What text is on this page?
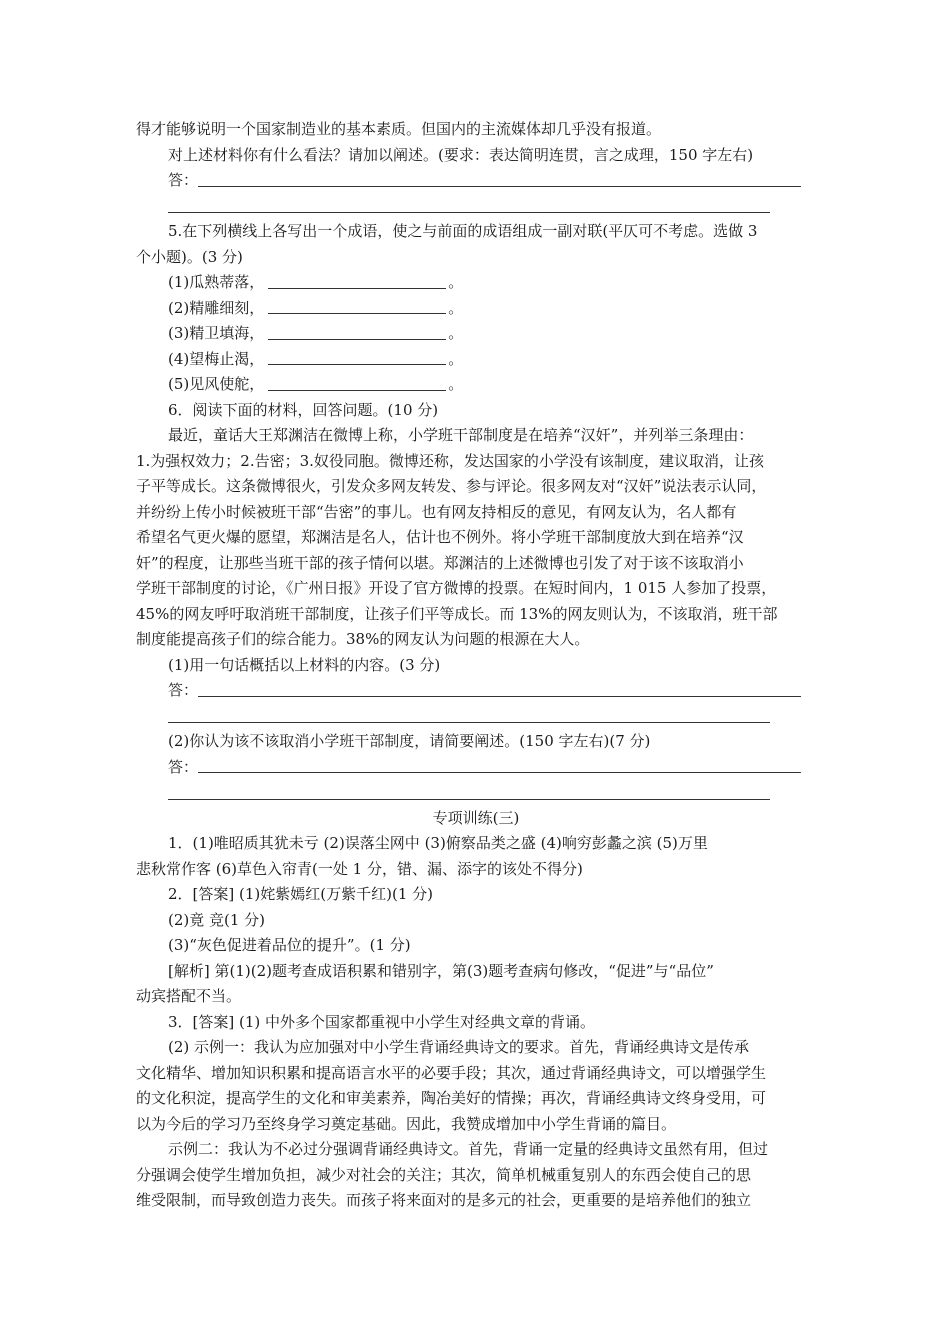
得才能够说明一个国家制造业的基本素质。但国内的主流媒体却几乎没有报道。
对上述材料你有什么看法？请加以阐述。(要求：表达简明连贯，言之成理，150 字左右)
答：
5.在下列横线上各写出一个成语，使之与前面的成语组成一副对联(平仄可不考虑。选做 3
个小题)。(3 分)
(1)瓜熟蒂落，	。
(2)精雕细刻，	。
(3)精卫填海，	。
(4)望梅止渴，	。
(5)见风使舵，	。
6．阅读下面的材料，回答问题。(10 分)
最近，童话大王郑渊洁在微博上称，小学班干部制度是在培养“汉奸”，并列举三条理由：
1.为强权效力；2.告密；3.奴役同胞。微博还称，发达国家的小学没有该制度，建议取消，让孩
子平等成长。这条微博很火，引发众多网友转发、参与评论。很多网友对“汉奸”说法表示认同，
并纷纷上传小时候被班干部“告密”的事儿。也有网友持相反的意见，有网友认为，名人都有
希望名气更火爆的愿望，郑渊洁是名人，估计也不例外。将小学班干部制度放大到在培养“汉
奸”的程度，让那些当班干部的孩子情何以堪。郑渊洁的上述微博也引发了对于该不该取消小
学班干部制度的讨论，《广州日报》开设了官方微博的投票。在短时间内，1 015 人参加了投票，
45%的网友呼吁取消班干部制度，让孩子们平等成长。而 13%的网友则认为，不该取消，班干部
制度能提高孩子们的综合能力。38%的网友认为问题的根源在大人。
(1)用一句话概括以上材料的内容。(3 分)
答：
(2)你认为该不该取消小学班干部制度，请简要阐述。(150 字左右)(7 分)
答：
专项训练(三)
1．(1)唯昭质其犹未亏 (2)误落尘网中 (3)俯察品类之盛 (4)响穷彭蠡之滨 (5)万里
悲秋常作客 (6)草色入帘青(一处 1 分，错、漏、添字的该处不得分)
2．[答案] (1)姹紫嫣红(万紫千红)(1 分)
(2)竟 竞(1 分)
(3)“灰色促进着品位的提升”。(1 分)
[解析] 第(1)(2)题考查成语积累和错别字，第(3)题考查病句修改，“促进”与“品位”
动宾搭配不当。
3．[答案] (1) 中外多个国家都重视中小学生对经典文章的背诵。
(2) 示例一：我认为应加强对中小学生背诵经典诗文的要求。首先，背诵经典诗文是传承
文化精华、增加知识积累和提高语言水平的必要手段；其次，通过背诵经典诗文，可以增强学生
的文化积淀，提高学生的文化和审美素养，陶冶美好的情操；再次，背诵经典诗文终身受用，可
以为今后的学习乃至终身学习奠定基础。因此，我赞成增加中小学生背诵的篇目。
示例二：我认为不必过分强调背诵经典诗文。首先，背诵一定量的经典诗文虽然有用，但过
分强调会使学生增加负担，减少对社会的关注；其次，简单机械重复别人的东西会使自己的思
维受限制，而导致创造力丧失。而孩子将来面对的是多元的社会，更重要的是培养他们的独立
